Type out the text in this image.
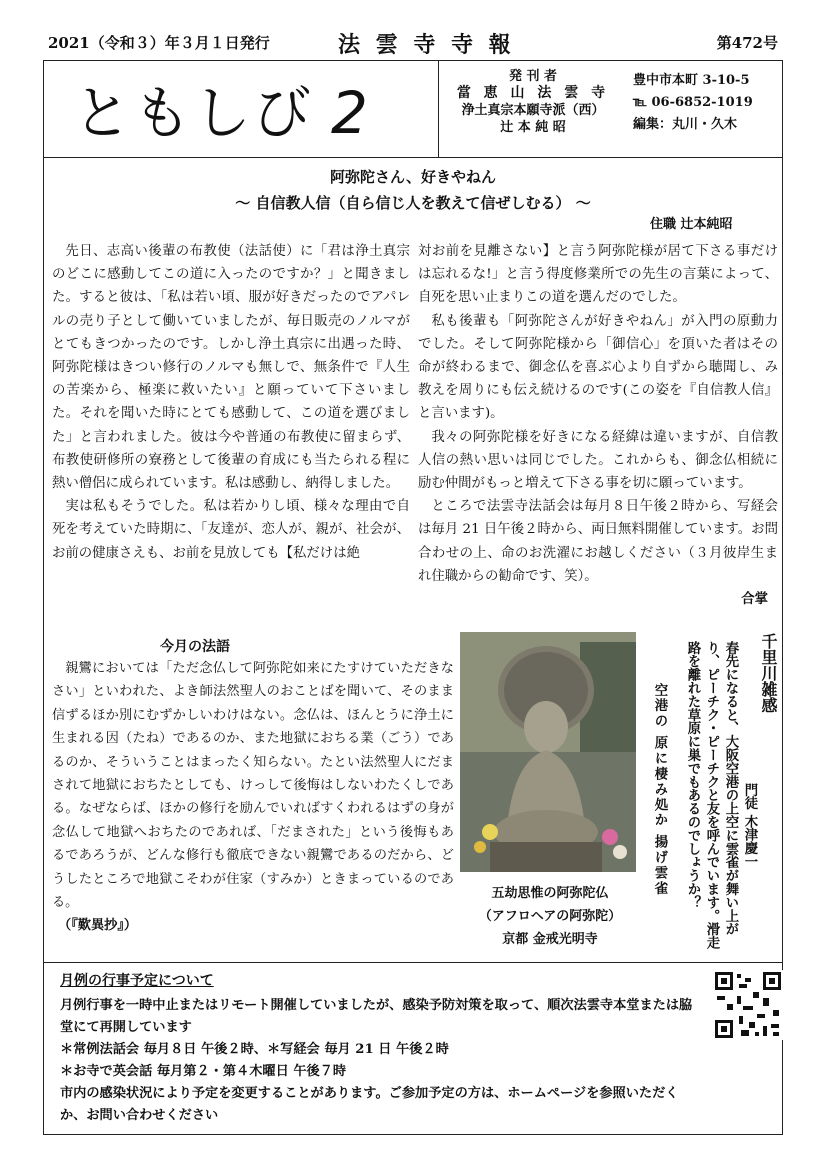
2021（令和３）年３月１日発行	法 雲 寺 寺 報	第472号
ともしび 2
発 刊 者
當 恵 山 法 雲 寺
浄土真宗本願寺派（西）
辻 本 純 昭
豊中市本町 3-10-5
℡ 06-6852-1019
編集：丸川・久木
阿弥陀さん、好きやねん
～ 自信教人信（自ら信じ人を教えて信ぜしむる） ～
住職 辻本純昭

先日、志高い後輩の布教使（法話使）に「君は浄土真宗のどこに感動してこの道に入ったのですか？」と聞きました。すると彼は、「私は若い頃、服が好きだったのでアパレルの売り子として働いていましたが、毎日販売のノルマがとてもきつかったのです。しかし浄土真宗に出遇った時、阿弥陀様はきつい修行のノルマも無しで、無条件で『人生の苦楽から、極楽に救いたい』と願っていて下さいました。それを聞いた時にとても感動して、この道を選びました」と言われました。彼は今や普通の布教使に留まらず、布教使研修所の寮務として後輩の育成にも当たられる程に熱い僧侶に成られています。私は感動し、納得しました。

実は私もそうでした。私は若かりし頃、様々な理由で自死を考えていた時期に、「友達が、恋人が、親が、社会が、お前の健康さえも、お前を見放しても【私だけは絶

対お前を見離さない】と言う阿弥陀様が居て下さる事だけは忘れるな!」と言う得度修業所での先生の言葉によって、自死を思い止まりこの道を選んだのでした。

私も後輩も「阿弥陀さんが好きやねん」が入門の原動力でした。そして阿弥陀様から「御信心」を頂いた者はその命が終わるまで、御念仏を喜ぶ心より自ずから聴聞し、み教えを周りにも伝え続けるのです(この姿を『自信教人信』と言います)。

我々の阿弥陀様を好きになる経緯は違いますが、自信教人信の熱い思いは同じでした。これからも、御念仏相続に励む仲間がもっと増えて下さる事を切に願っています。

ところで法雲寺法話会は毎月８日午後２時から、写経会は毎月 21 日午後２時から、両日無料開催しています。お問合わせの上、命のお洗濯にお越しください（３月彼岸生まれ住職からの勧命です、笑）。

合掌
今月の法語

親鸞においては「ただ念仏して阿弥陀如来にたすけていただきなさい」といわれた、よき師法然聖人のおことばを聞いて、そのまま信ずるほか別にむずかしいわけはない。念仏は、ほんとうに浄土に生まれる因（たね）であるのか、また地獄におちる業（ごう）であるのか、そういうことはまったく知らない。たとい法然聖人にだまされて地獄におちたとしても、けっして後悔はしないわたくしである。なぜならば、ほかの修行を励んでいればすくわれるはずの身が念仏して地獄へおちたのであれば、「だまされた」という後悔もあるであろうが、どんな修行も徹底できない親鸞であるのだから、どうしたところで地獄こそわが住家（すみか）ときまっているのである。

（『歎異抄』）
五劫思惟の阿弥陀仏
（アフロヘアの阿弥陀）
京都 金戒光明寺
千里川雑感
門徒 木津慶一
春先になると、大阪空港の上空に雲雀が舞い上がり、ピーチク・ピーチクと友を呼んでいます。滑走路を離れた草原に巣でもあるのでしょうか？
空港の 原に棲み処か 揚げ雲雀
月例の行事予定について
月例行事を一時中止またはリモート開催していましたが、感染予防対策を取って、順次法雲寺本堂または脇堂にて再開しています
＊常例法話会 毎月８日 午後２時、＊写経会 毎月 21 日 午後２時
＊お寺で英会話 毎月第２・第４木曜日 午後７時
市内の感染状況により予定を変更することがあります。ご参加予定の方は、ホームページを参照いただくか、お問い合わせください
